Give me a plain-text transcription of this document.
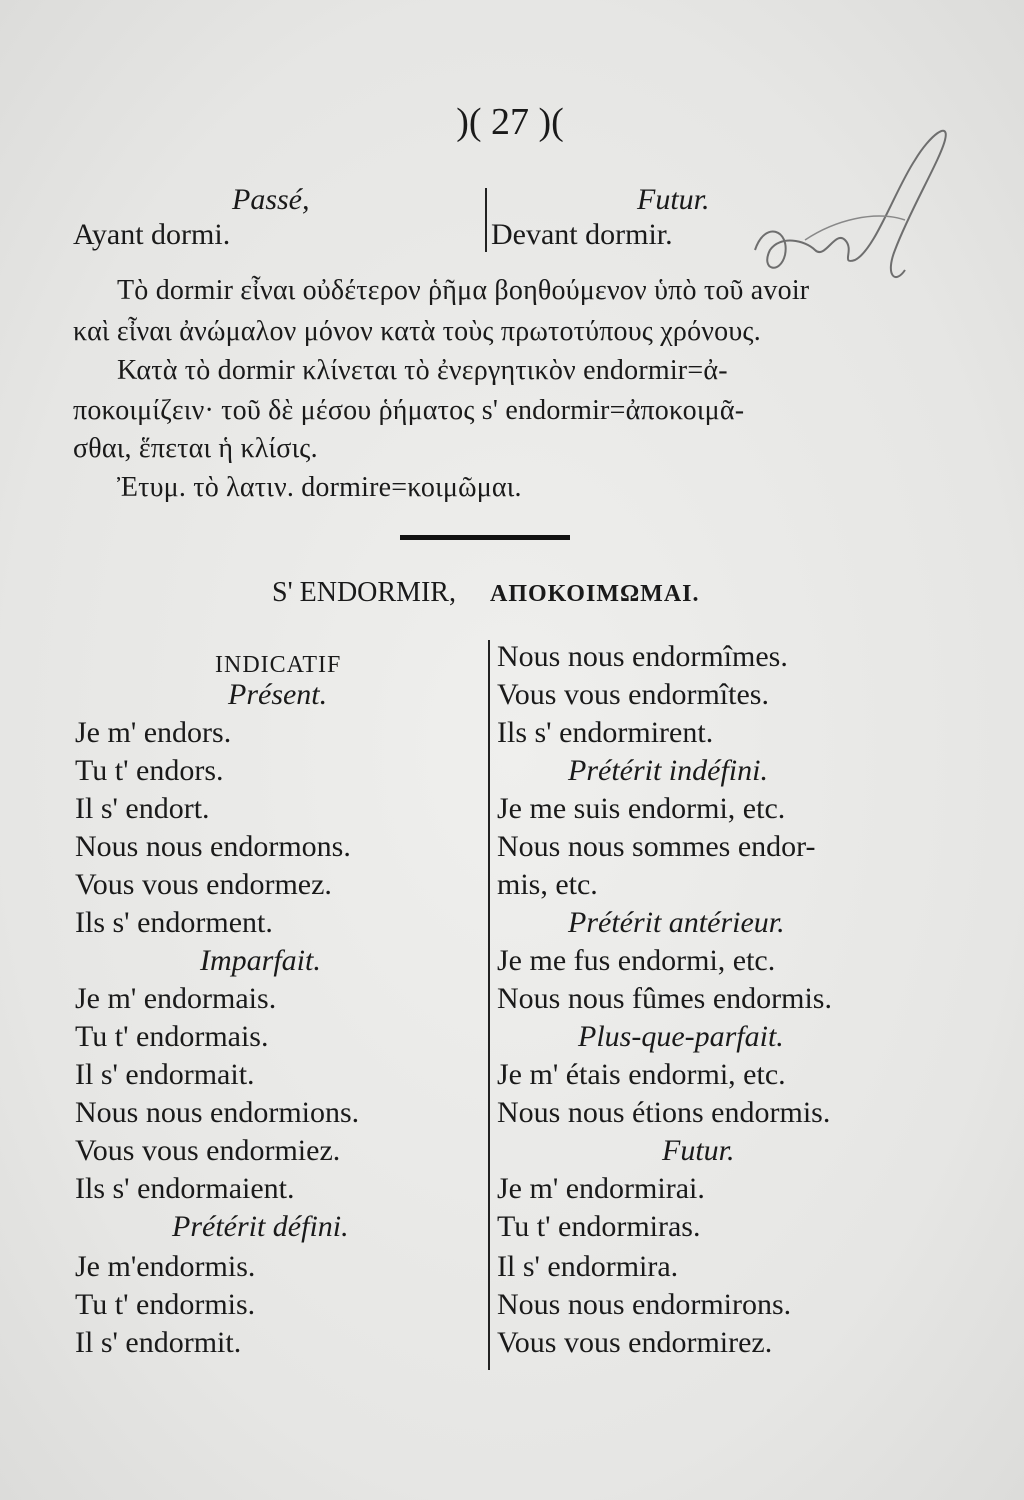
)( 27 )(
Passé,
Ayant dormi.
Futur.
Devant dormir.
Τὸ dormir εἶναι οὐδέτερον ῥῆμα βοηθούμενον ὑπὸ τοῦ avoir
καὶ εἶναι ἀνώμαλον μόνον κατὰ τοὺς πρωτοτύπους χρόνους.
Κατὰ τὸ dormir κλίνεται τὸ ἐνεργητικὸν endormir=ἀ-
ποκοιμίζειν· τοῦ δὲ μέσου ῥήματος s' endormir=ἀποκοιμᾶ-
σθαι, ἕπεται ἡ κλίσις.
Ἐτυμ. τὸ λατιν. dormire=κοιμῶμαι.
S' ENDORMIR, ΑΠΟΚΟΙΜΩΜΑΙ.
INDICATIF
Présent.
Je m' endors.
Tu t' endors.
Il s' endort.
Nous nous endormons.
Vous vous endormez.
Ils s' endorment.
Imparfait.
Je m' endormais.
Tu t' endormais.
Il s' endormait.
Nous nous endormions.
Vous vous endormiez.
Ils s' endormaient.
Prétérit défini.
Je m'endormis.
Tu t' endormis.
Il s' endormit.
Nous nous endormîmes.
Vous vous endormîtes.
Ils s' endormirent.
Prétérit indéfini.
Je me suis endormi, etc.
Nous nous sommes endor-
mis, etc.
Prétérit antérieur.
Je me fus endormi, etc.
Nous nous fûmes endormis.
Plus-que-parfait.
Je m' étais endormi, etc.
Nous nous étions endormis.
Futur.
Je m' endormirai.
Tu t' endormiras.
Il s' endormira.
Nous nous endormirons.
Vous vous endormirez.
